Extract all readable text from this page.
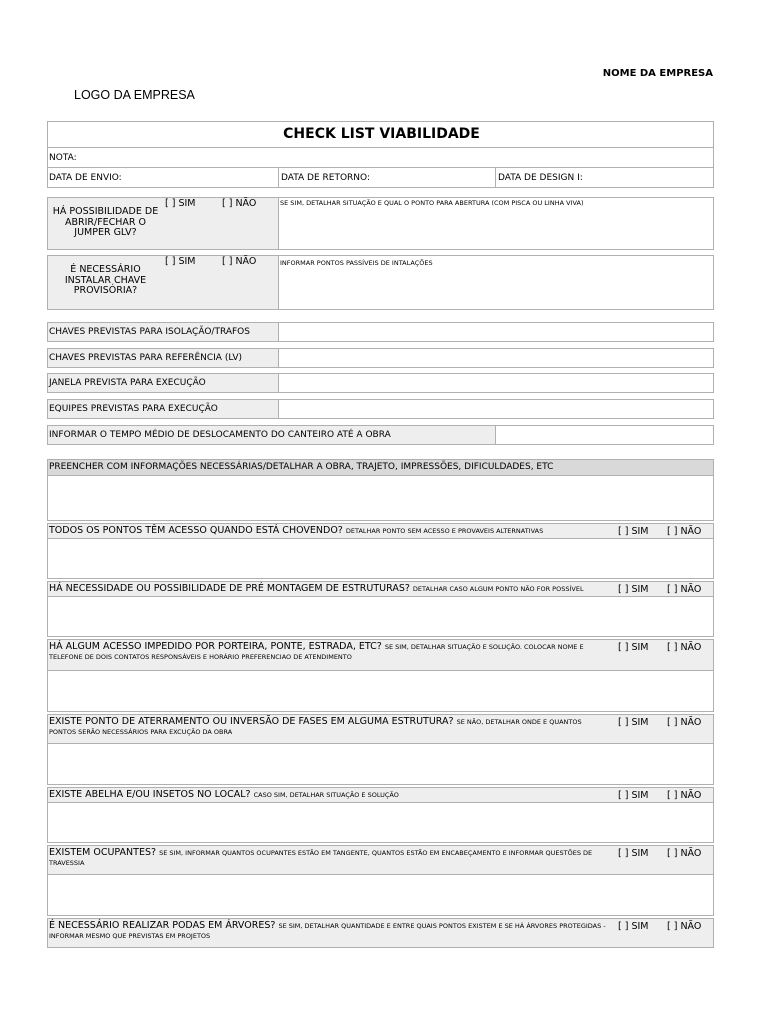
NOME DA EMPRESA
LOGO DA EMPRESA
CHECK LIST VIABILIDADE
NOTA:
DATA DE ENVIO:	DATA DE RETORNO:	DATA DE DESIGN I:
[ ] SIM	[ ] NÃO
HÁ POSSIBILIDADE DE
ABRIR/FECHAR O
JUMPER GLV?
SE SIM, DETALHAR SITUAÇÃO E QUAL O PONTO PARA ABERTURA (COM PISCA OU LINHA VIVA)
[ ] SIM	[ ] NÃO
É NECESSÁRIO
INSTALAR CHAVE
PROVISÓRIA?
INFORMAR PONTOS PASSÍVEIS DE INTALAÇÕES
CHAVES PREVISTAS PARA ISOLAÇÃO/TRAFOS
CHAVES PREVISTAS PARA REFERÊNCIA (LV)
JANELA PREVISTA PARA EXECUÇÃO
EQUIPES PREVISTAS PARA EXECUÇÃO
INFORMAR O TEMPO MÉDIO DE DESLOCAMENTO DO CANTEIRO ATÉ A OBRA
PREENCHER COM INFORMAÇÕES NECESSÁRIAS/DETALHAR A OBRA, TRAJETO, IMPRESSÕES, DIFICULDADES, ETC
TODOS OS PONTOS TÊM ACESSO QUANDO ESTÁ CHOVENDO? DETALHAR PONTO SEM ACESSO E PROVAVEIS ALTERNATIVAS	[ ] SIM [ ] NÃO
HÁ NECESSIDADE OU POSSIBILIDADE DE PRÉ MONTAGEM DE ESTRUTURAS? DETALHAR CASO ALGUM PONTO NÃO FOR POSSÍVEL	[ ] SIM [ ] NÃO
HÁ ALGUM ACESSO IMPEDIDO POR PORTEIRA, PONTE, ESTRADA, ETC? SE SIM, DETALHAR SITUAÇÃO E SOLUÇÃO. COLOCAR NOME E TELEFONE DE DOIS CONTATOS RESPONSÁVEIS E HORÁRIO PREFERENCIAO DE ATENDIMENTO
[ ] SIM [ ] NÃO
EXISTE PONTO DE ATERRAMENTO OU INVERSÃO DE FASES EM ALGUMA ESTRUTURA? SE NÃO, DETALHAR ONDE E QUANTOS PONTOS SERÃO NECESSÁRIOS PARA EXCUÇÃO DA OBRA
[ ] SIM [ ] NÃO
EXISTE ABELHA E/OU INSETOS NO LOCAL? CASO SIM, DETALHAR SITUAÇÃO E SOLUÇÃO	[ ] SIM [ ] NÃO
EXISTEM OCUPANTES? SE SIM, INFORMAR QUANTOS OCUPANTES ESTÃO EM TANGENTE, QUANTOS ESTÃO EM ENCABEÇAMENTO E INFORMAR QUESTÕES DE TRAVESSIA
[ ] SIM [ ] NÃO
É NECESSÁRIO REALIZAR PODAS EM ÁRVORES? SE SIM, DETALHAR QUANTIDADE E ENTRE QUAIS PONTOS EXISTEM E SE HÁ ÁRVORES PROTEGIDAS - INFORMAR MESMO QUE PREVISTAS EM PROJETOS
[ ] SIM [ ] NÃO
